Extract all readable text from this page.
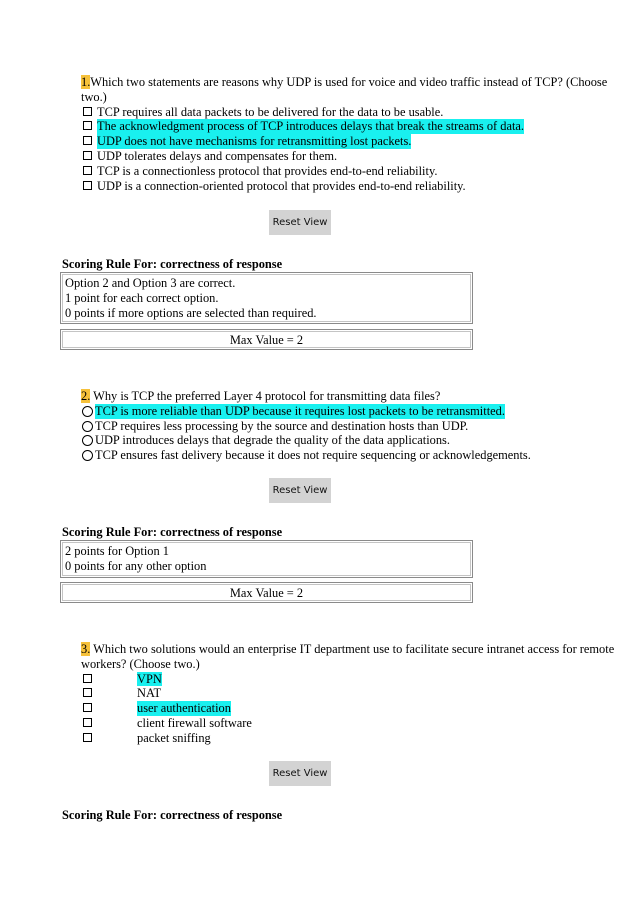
1.Which two statements are reasons why UDP is used for voice and video traffic instead of TCP? (Choose
two.)
TCP requires all data packets to be delivered for the data to be usable.
The acknowledgment process of TCP introduces delays that break the streams of data.
UDP does not have mechanisms for retransmitting lost packets.
UDP tolerates delays and compensates for them.
TCP is a connectionless protocol that provides end-to-end reliability.
UDP is a connection-oriented protocol that provides end-to-end reliability.
Reset View
Scoring Rule For: correctness of response
Option 2 and Option 3 are correct.
1 point for each correct option.
0 points if more options are selected than required.
Max Value = 2
2. Why is TCP the preferred Layer 4 protocol for transmitting data files?
TCP is more reliable than UDP because it requires lost packets to be retransmitted.
TCP requires less processing by the source and destination hosts than UDP.
UDP introduces delays that degrade the quality of the data applications.
TCP ensures fast delivery because it does not require sequencing or acknowledgements.
Reset View
Scoring Rule For: correctness of response
2 points for Option 1
0 points for any other option
Max Value = 2
3. Which two solutions would an enterprise IT department use to facilitate secure intranet access for remote
workers? (Choose two.)
VPN
NAT
user authentication
client firewall software
packet sniffing
Reset View
Scoring Rule For: correctness of response
